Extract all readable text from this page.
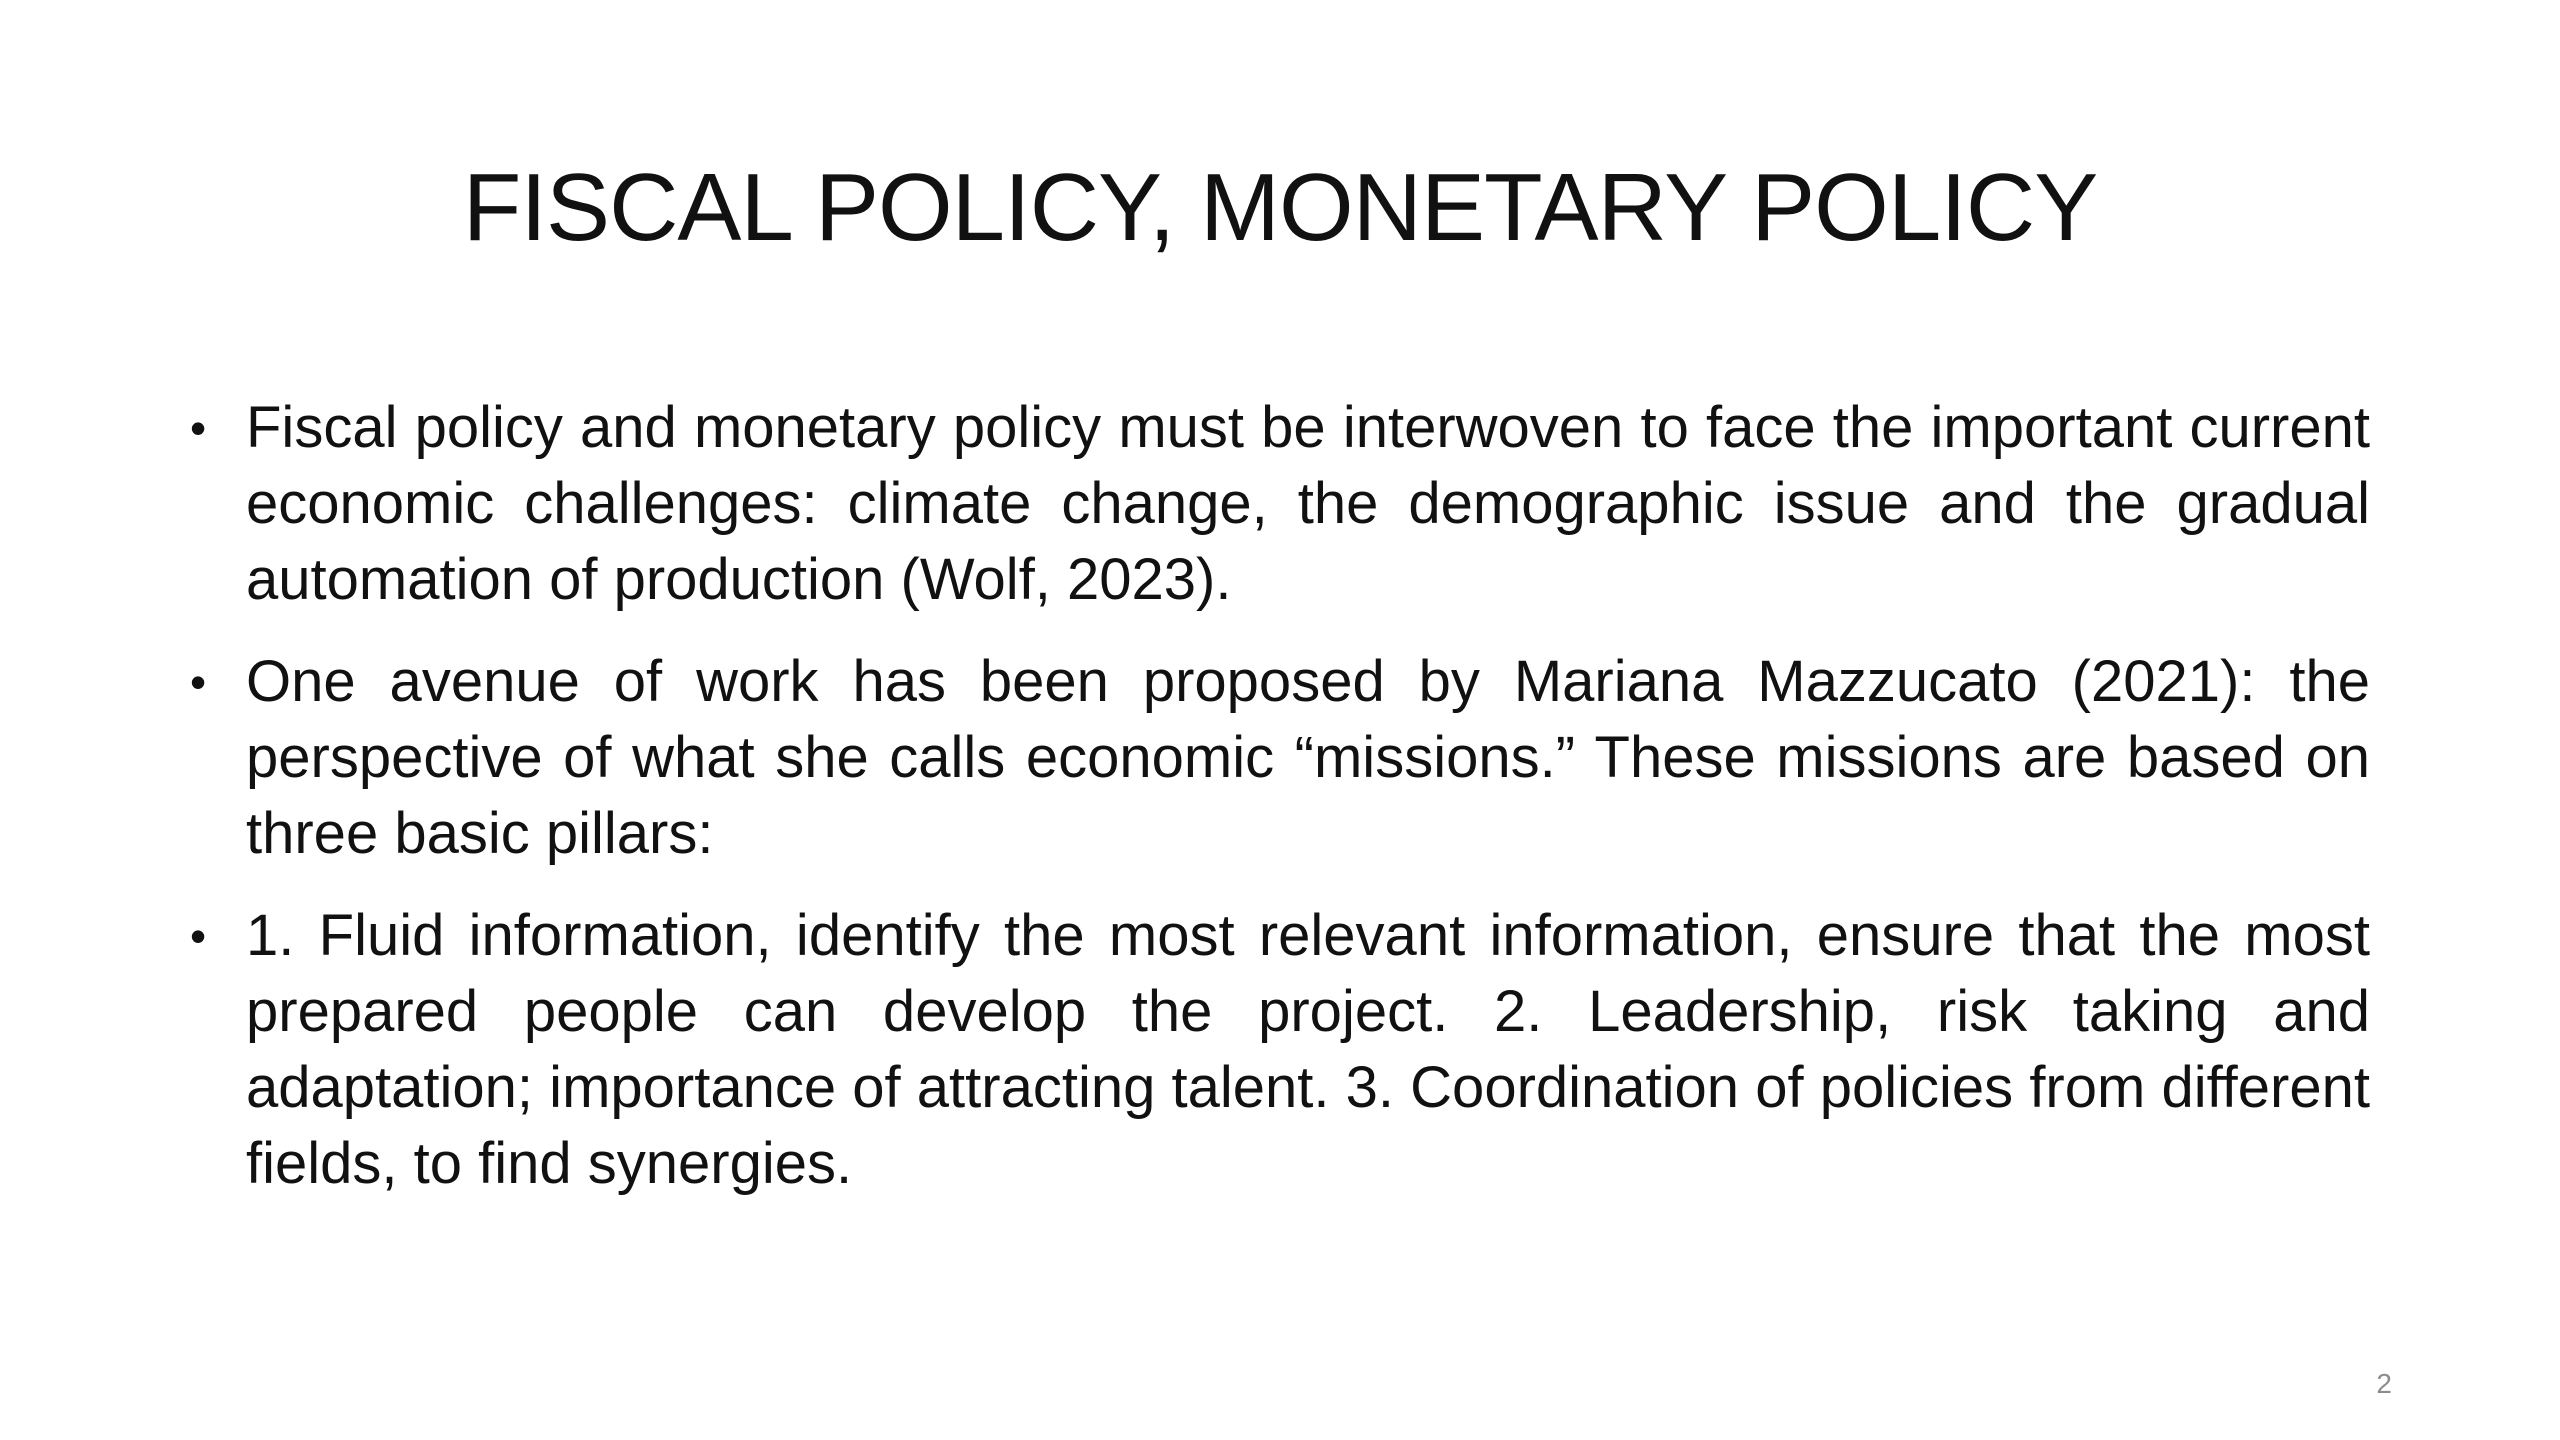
FISCAL POLICY, MONETARY POLICY
• Fiscal policy and monetary policy must be interwoven to face the important current economic challenges: climate change, the demographic issue and the gradual automation of production (Wolf, 2023).
• One avenue of work has been proposed by Mariana Mazzucato (2021): the perspective of what she calls economic “missions.” These missions are based on three basic pillars:
• 1. Fluid information, identify the most relevant information, ensure that the most prepared people can develop the project. 2. Leadership, risk taking and adaptation; importance of attracting talent. 3. Coordination of policies from different fields, to find synergies.
2
